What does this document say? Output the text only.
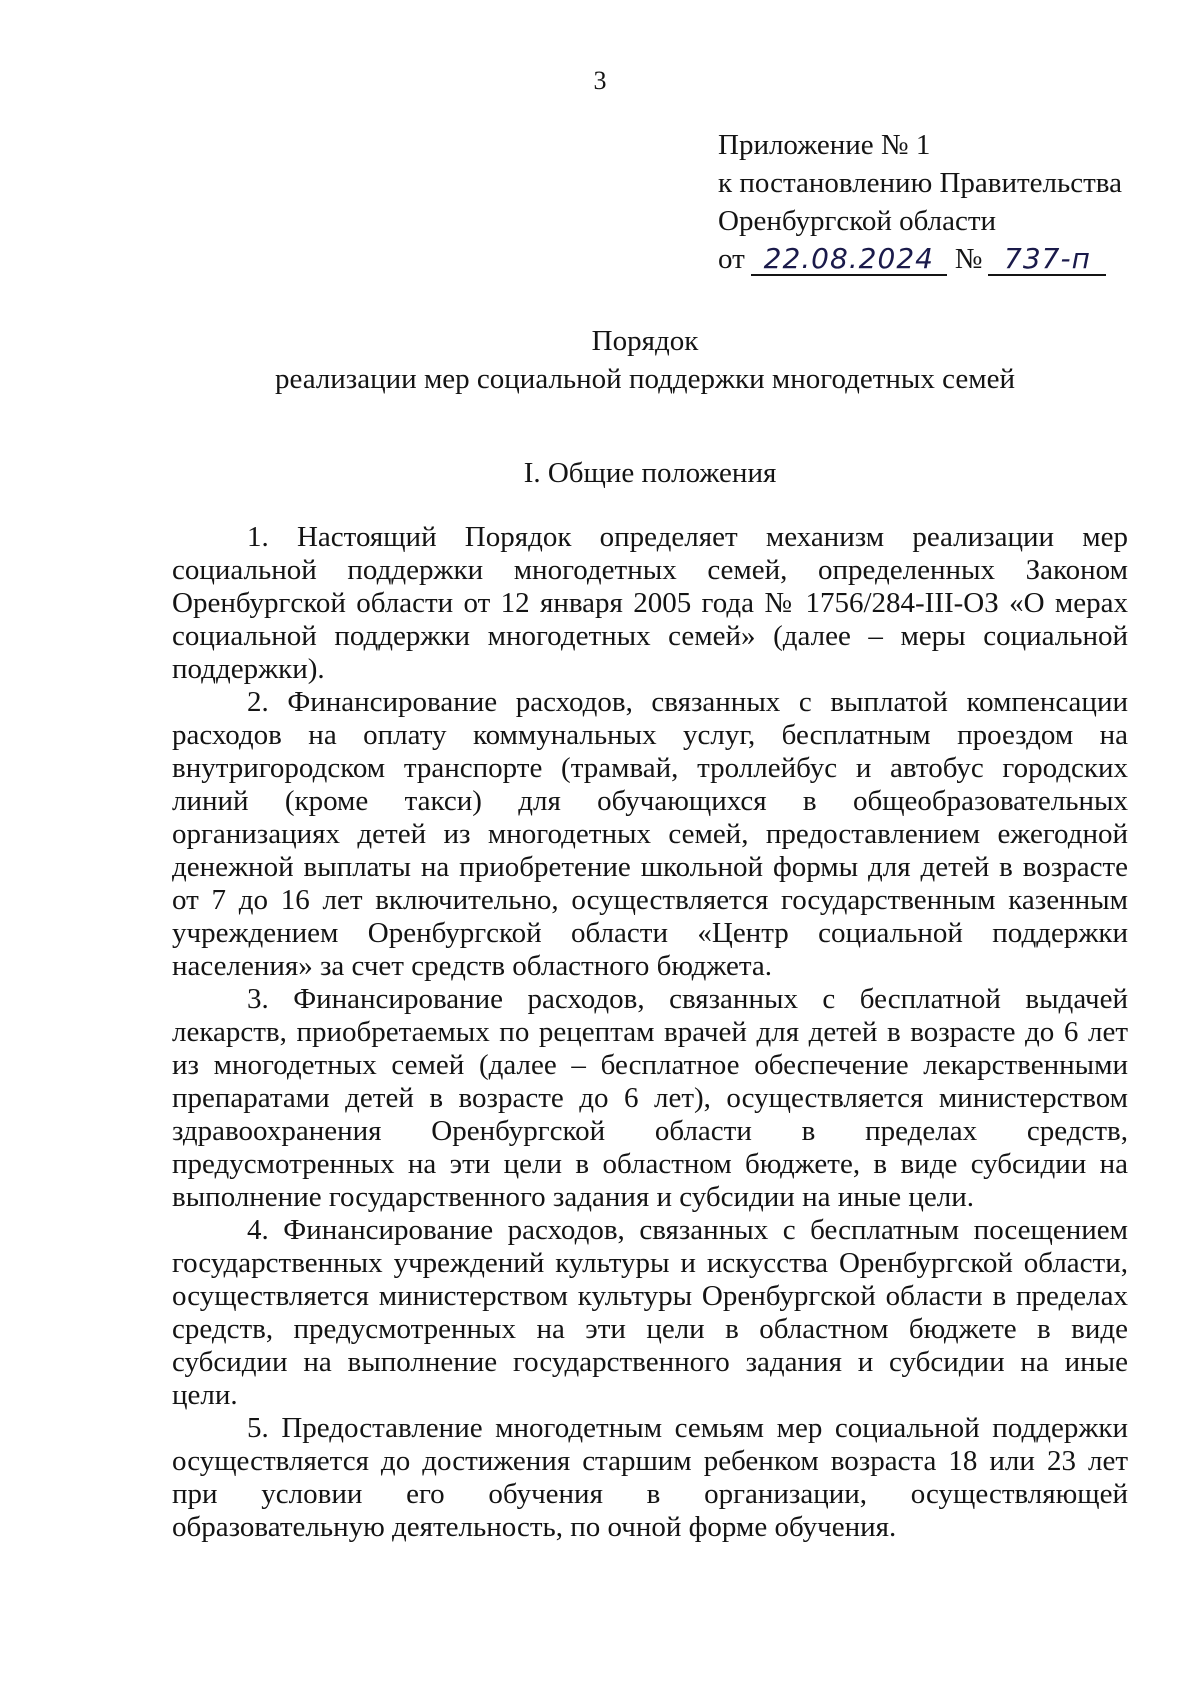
3
Приложение № 1
к постановлению Правительства
Оренбургской области
от 22.08.2024 № 737-п
Порядок
реализации мер социальной поддержки многодетных семей
I. Общие положения

1. Настоящий Порядок определяет механизм реализации мер социальной поддержки многодетных семей, определенных Законом Оренбургской области от 12 января 2005 года № 1756/284-III-ОЗ «О мерах социальной поддержки многодетных семей» (далее – меры социальной поддержки).

2. Финансирование расходов, связанных с выплатой компенсации расходов на оплату коммунальных услуг, бесплатным проездом на внутригородском транспорте (трамвай, троллейбус и автобус городских линий (кроме такси) для обучающихся в общеобразовательных организациях детей из многодетных семей, предоставлением ежегодной денежной выплаты на приобретение школьной формы для детей в возрасте от 7 до 16 лет включительно, осуществляется государственным казенным учреждением Оренбургской области «Центр социальной поддержки населения» за счет средств областного бюджета.

3. Финансирование расходов, связанных с бесплатной выдачей лекарств, приобретаемых по рецептам врачей для детей в возрасте до 6 лет из многодетных семей (далее – бесплатное обеспечение лекарственными препаратами детей в возрасте до 6 лет), осуществляется министерством здравоохранения Оренбургской области в пределах средств, предусмотренных на эти цели в областном бюджете, в виде субсидии на выполнение государственного задания и субсидии на иные цели.

4. Финансирование расходов, связанных с бесплатным посещением государственных учреждений культуры и искусства Оренбургской области, осуществляется министерством культуры Оренбургской области в пределах средств, предусмотренных на эти цели в областном бюджете в виде субсидии на выполнение государственного задания и субсидии на иные цели.

5. Предоставление многодетным семьям мер социальной поддержки осуществляется до достижения старшим ребенком возраста 18 или 23 лет при условии его обучения в организации, осуществляющей образовательную деятельность, по очной форме обучения.
